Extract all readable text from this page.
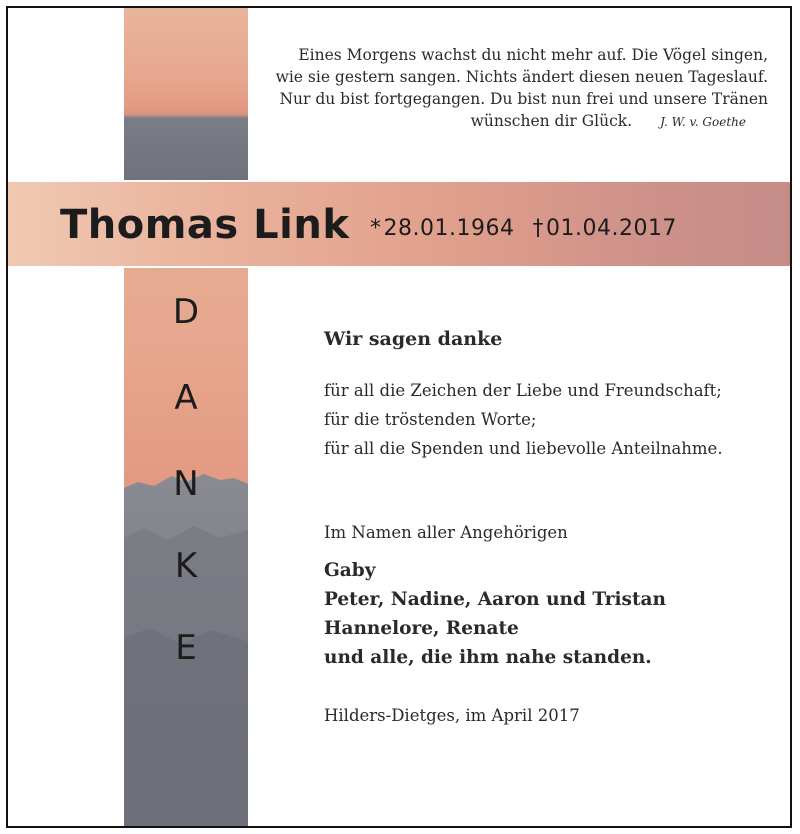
Eines Morgens wachst du nicht mehr auf. Die Vögel singen,
wie sie gestern sangen. Nichts ändert diesen neuen Tageslauf.
Nur du bist fortgegangen. Du bist nun frei und unsere Tränen
wünschen dir Glück. J. W. v. Goethe
Thomas Link *28.01.1964 †01.04.2017
D
A
N
K
E
Wir sagen danke
für all die Zeichen der Liebe und Freundschaft;
für die tröstenden Worte;
für all die Spenden und liebevolle Anteilnahme.
Im Namen aller Angehörigen
Gaby
Peter, Nadine, Aaron und Tristan
Hannelore, Renate
und alle, die ihm nahe standen.
Hilders-Dietges, im April 2017
